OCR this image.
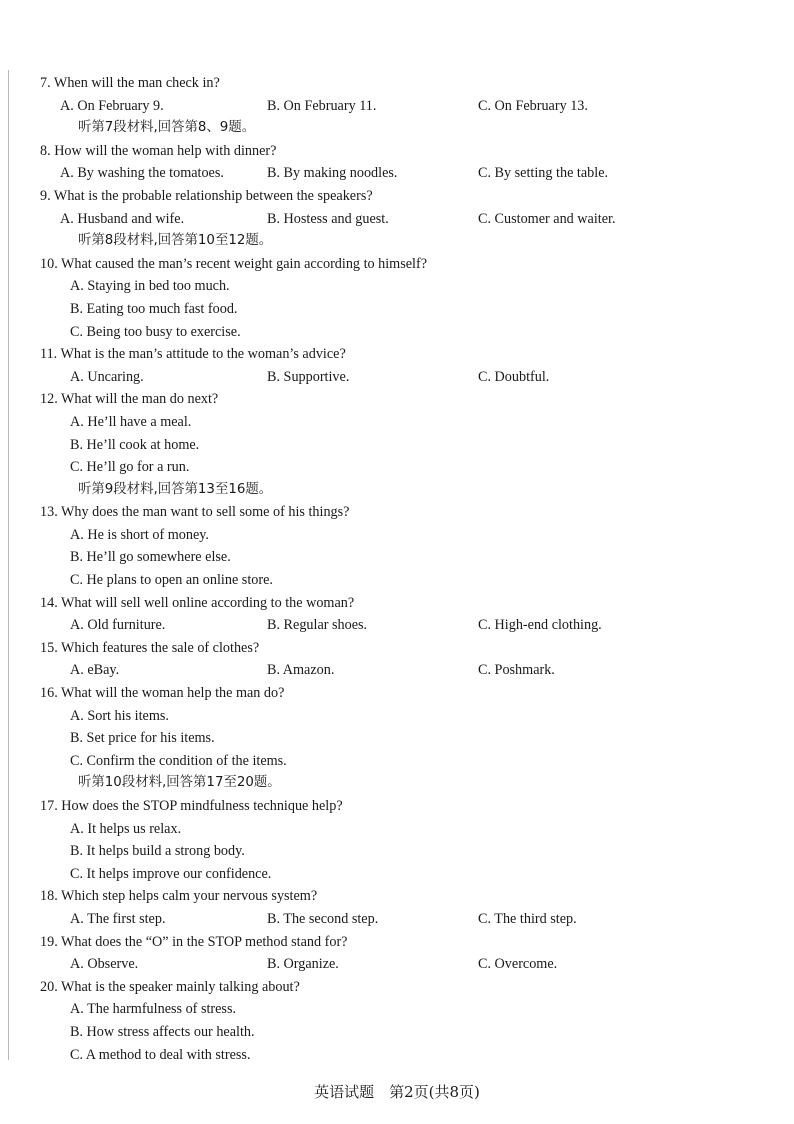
7. When will the man check in?
A. On February 9.	B. On February 11.	C. On February 13.
听第7段材料,回答第8、9题。
8. How will the woman help with dinner?
A. By washing the tomatoes.	B. By making noodles.	C. By setting the table.
9. What is the probable relationship between the speakers?
A. Husband and wife.	B. Hostess and guest.	C. Customer and waiter.
听第8段材料,回答第10至12题。
10. What caused the man’s recent weight gain according to himself?
A. Staying in bed too much.
B. Eating too much fast food.
C. Being too busy to exercise.
11. What is the man’s attitude to the woman’s advice?
A. Uncaring.	B. Supportive.	C. Doubtful.
12. What will the man do next?
A. He’ll have a meal.
B. He’ll cook at home.
C. He’ll go for a run.
听第9段材料,回答第13至16题。
13. Why does the man want to sell some of his things?
A. He is short of money.
B. He’ll go somewhere else.
C. He plans to open an online store.
14. What will sell well online according to the woman?
A. Old furniture.	B. Regular shoes.	C. High-end clothing.
15. Which features the sale of clothes?
A. eBay.	B. Amazon.	C. Poshmark.
16. What will the woman help the man do?
A. Sort his items.
B. Set price for his items.
C. Confirm the condition of the items.
听第10段材料,回答第17至20题。
17. How does the STOP mindfulness technique help?
A. It helps us relax.
B. It helps build a strong body.
C. It helps improve our confidence.
18. Which step helps calm your nervous system?
A. The first step.	B. The second step.	C. The third step.
19. What does the “O” in the STOP method stand for?
A. Observe.	B. Organize.	C. Overcome.
20. What is the speaker mainly talking about?
A. The harmfulness of stress.
B. How stress affects our health.
C. A method to deal with stress.
英语试题　第2页(共8页)
